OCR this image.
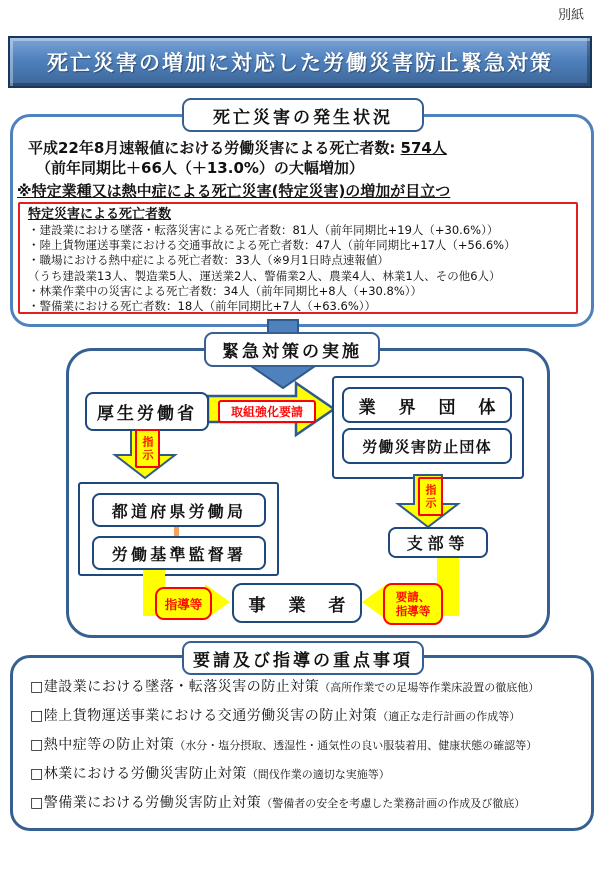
別紙
死亡災害の増加に対応した労働災害防止緊急対策
死亡災害の発生状況
平成22年8月速報値における労働災害による死亡者数: 574人
（前年同期比＋66人（＋13.0%）の大幅増加）
※特定業種又は熱中症による死亡災害(特定災害)の増加が目立つ
特定災害による死亡者数
・建設業における墜落・転落災害による死亡者数：81人（前年同期比+19人（+30.6%））
・陸上貨物運送事業における交通事故による死亡者数：47人（前年同期比+17人（+56.6%）
・職場における熱中症による死亡者数：33人（※9月1日時点速報値）
（うち建設業13人、製造業5人、運送業2人、警備業2人、農業4人、林業1人、その他6人）
・林業作業中の災害による死亡者数：34人（前年同期比+8人（+30.8%））
・警備業における死亡者数：18人（前年同期比+7人（+63.6%））
緊急対策の実施
厚生労働省	取組強化要請	業界団体
労働災害防止団体
指示
都道府県労働局
労働基準監督署
指示
支部等
指導等	要請、
指導等
事業者
要請及び指導の重点事項
□建設業における墜落・転落災害の防止対策（高所作業での足場等作業床設置の徹底他）
□陸上貨物運送事業における交通労働災害の防止対策（適正な走行計画の作成等）
□熱中症等の防止対策（水分・塩分摂取、透湿性・通気性の良い服装着用、健康状態の確認等）
□林業における労働災害防止対策（間伐作業の適切な実施等）
□警備業における労働災害防止対策（警備者の安全を考慮した業務計画の作成及び徹底）
